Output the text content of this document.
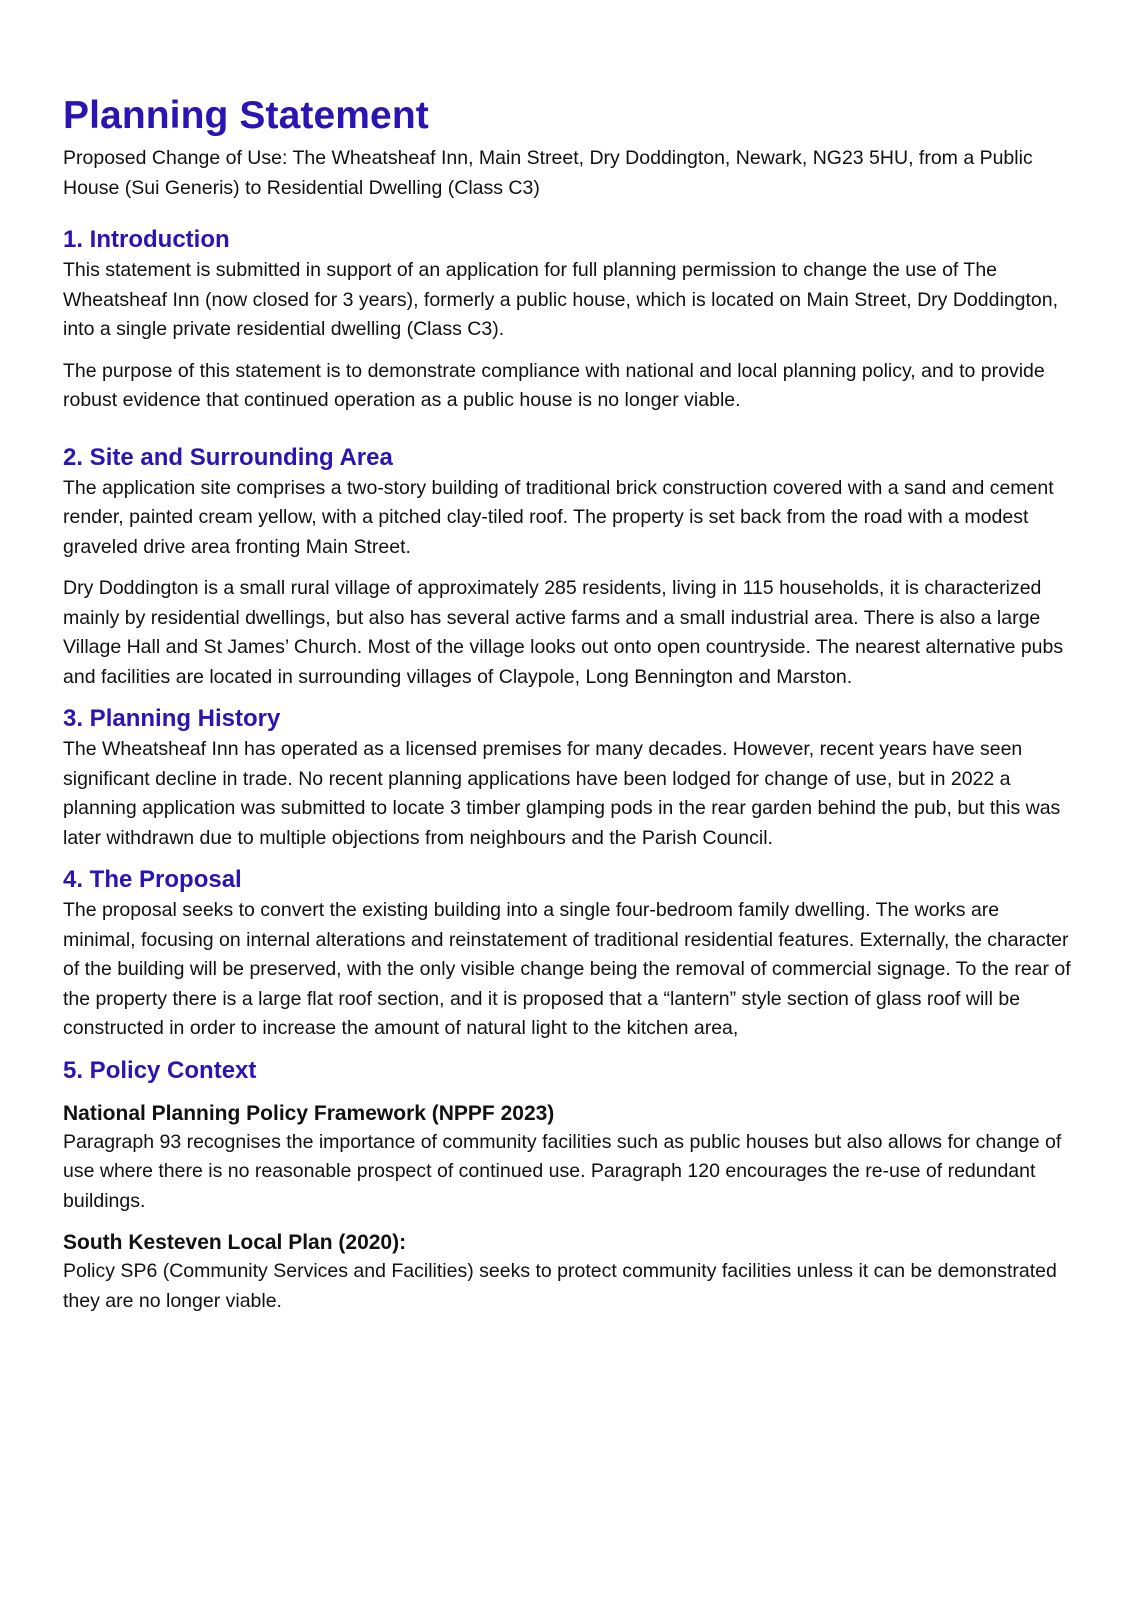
Planning Statement

Proposed Change of Use: The Wheatsheaf Inn, Main Street, Dry Doddington, Newark, NG23 5HU, from a Public House (Sui Generis) to Residential Dwelling (Class C3)

1. Introduction

This statement is submitted in support of an application for full planning permission to change the use of The Wheatsheaf Inn (now closed for 3 years), formerly a public house, which is located on Main Street, Dry Doddington, into a single private residential dwelling (Class C3).

The purpose of this statement is to demonstrate compliance with national and local planning policy, and to provide robust evidence that continued operation as a public house is no longer viable.

2. Site and Surrounding Area

The application site comprises a two-story building of traditional brick construction covered with a sand and cement render, painted cream yellow, with a pitched clay-tiled roof. The property is set back from the road with a modest graveled drive area fronting Main Street.

Dry Doddington is a small rural village of approximately 285 residents, living in 115 households, it is characterized mainly by residential dwellings, but also has several active farms and a small industrial area. There is also a large Village Hall and St James’ Church. Most of the village looks out onto open countryside. The nearest alternative pubs and facilities are located in surrounding villages of Claypole, Long Bennington and Marston.

3. Planning History

The Wheatsheaf Inn has operated as a licensed premises for many decades. However, recent years have seen significant decline in trade. No recent planning applications have been lodged for change of use, but in 2022 a planning application was submitted to locate 3 timber glamping pods in the rear garden behind the pub, but this was later withdrawn due to multiple objections from neighbours and the Parish Council.

4. The Proposal

The proposal seeks to convert the existing building into a single four-bedroom family dwelling. The works are minimal, focusing on internal alterations and reinstatement of traditional residential features. Externally, the character of the building will be preserved, with the only visible change being the removal of commercial signage. To the rear of the property there is a large flat roof section, and it is proposed that a “lantern” style section of glass roof will be constructed in order to increase the amount of natural light to the kitchen area,

5. Policy Context
National Planning Policy Framework (NPPF 2023)

Paragraph 93 recognises the importance of community facilities such as public houses but also allows for change of use where there is no reasonable prospect of continued use. Paragraph 120 encourages the re-use of redundant buildings.

South Kesteven Local Plan (2020):

Policy SP6 (Community Services and Facilities) seeks to protect community facilities unless it can be demonstrated they are no longer viable.
